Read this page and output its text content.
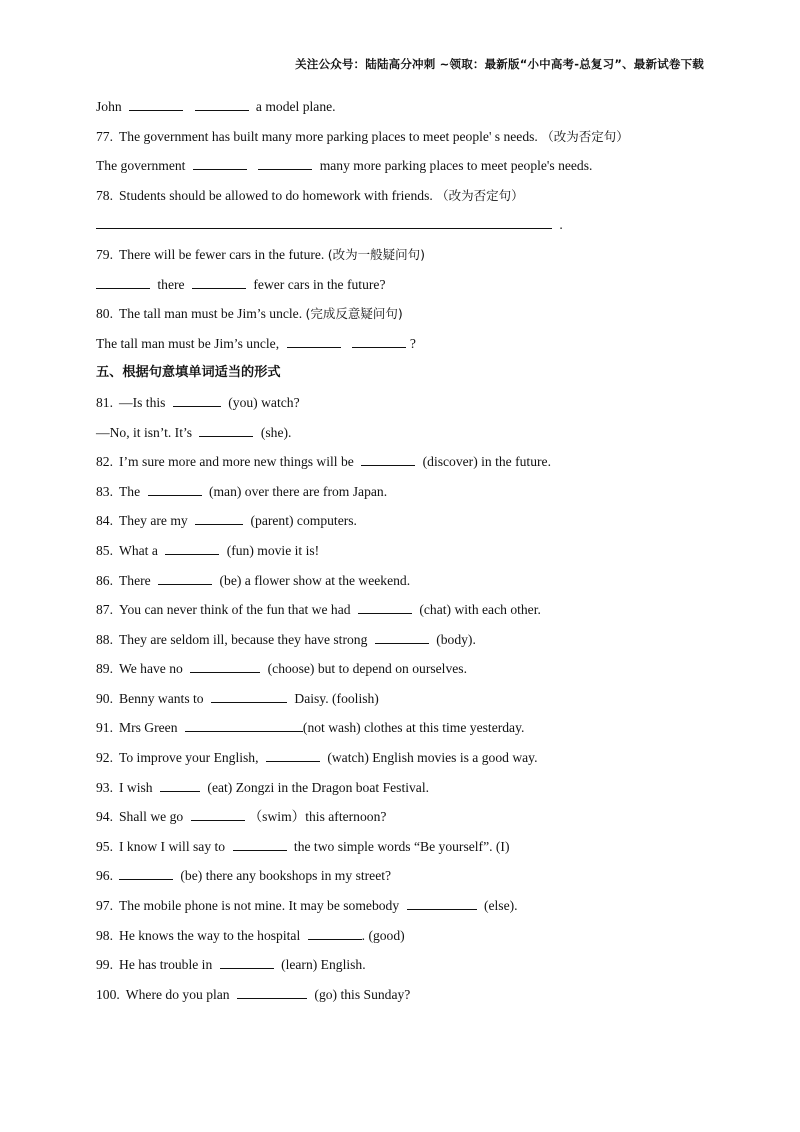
关注公众号：陆陆高分冲刺 ~领取：最新版“小中高考-总复习”、最新试卷下载
John	a model plane.
77. The government has built many more parking places to meet people' s needs. （改为否定句）
The government	many more parking places to meet people's needs.
78. Students should be allowed to do homework with friends. （改为否定句）
.
79. There will be fewer cars in the future. (改为一般疑问句)
there	fewer cars in the future?
80. The tall man must be Jim’s uncle. (完成反意疑问句)
The tall man must be Jim’s uncle,	?
五、根据句意填单词适当的形式
81. —Is this	(you) watch?
—No, it isn’t. It’s	(she).
82. I’m sure more and more new things will be	(discover) in the future.
83. The	(man) over there are from Japan.
84. They are my	(parent) computers.
85. What a	(fun) movie it is!
86. There	(be) a flower show at the weekend.
87. You can never think of the fun that we had	(chat) with each other.
88. They are seldom ill, because they have strong	(body).
89. We have no	(choose) but to depend on ourselves.
90. Benny wants to	Daisy. (foolish)
91. Mrs Green	(not wash) clothes at this time yesterday.
92. To improve your English,	(watch) English movies is a good way.
93. I wish	(eat) Zongzi in the Dragon boat Festival.
94. Shall we go	（swim）this afternoon?
95. I know I will say to	the two simple words “Be yourself”. (I)
96.	(be) there any bookshops in my street?
97. The mobile phone is not mine. It may be somebody	(else).
98. He knows the way to the hospital	. (good)
99. He has trouble in	(learn) English.
100. Where do you plan	(go) this Sunday?
